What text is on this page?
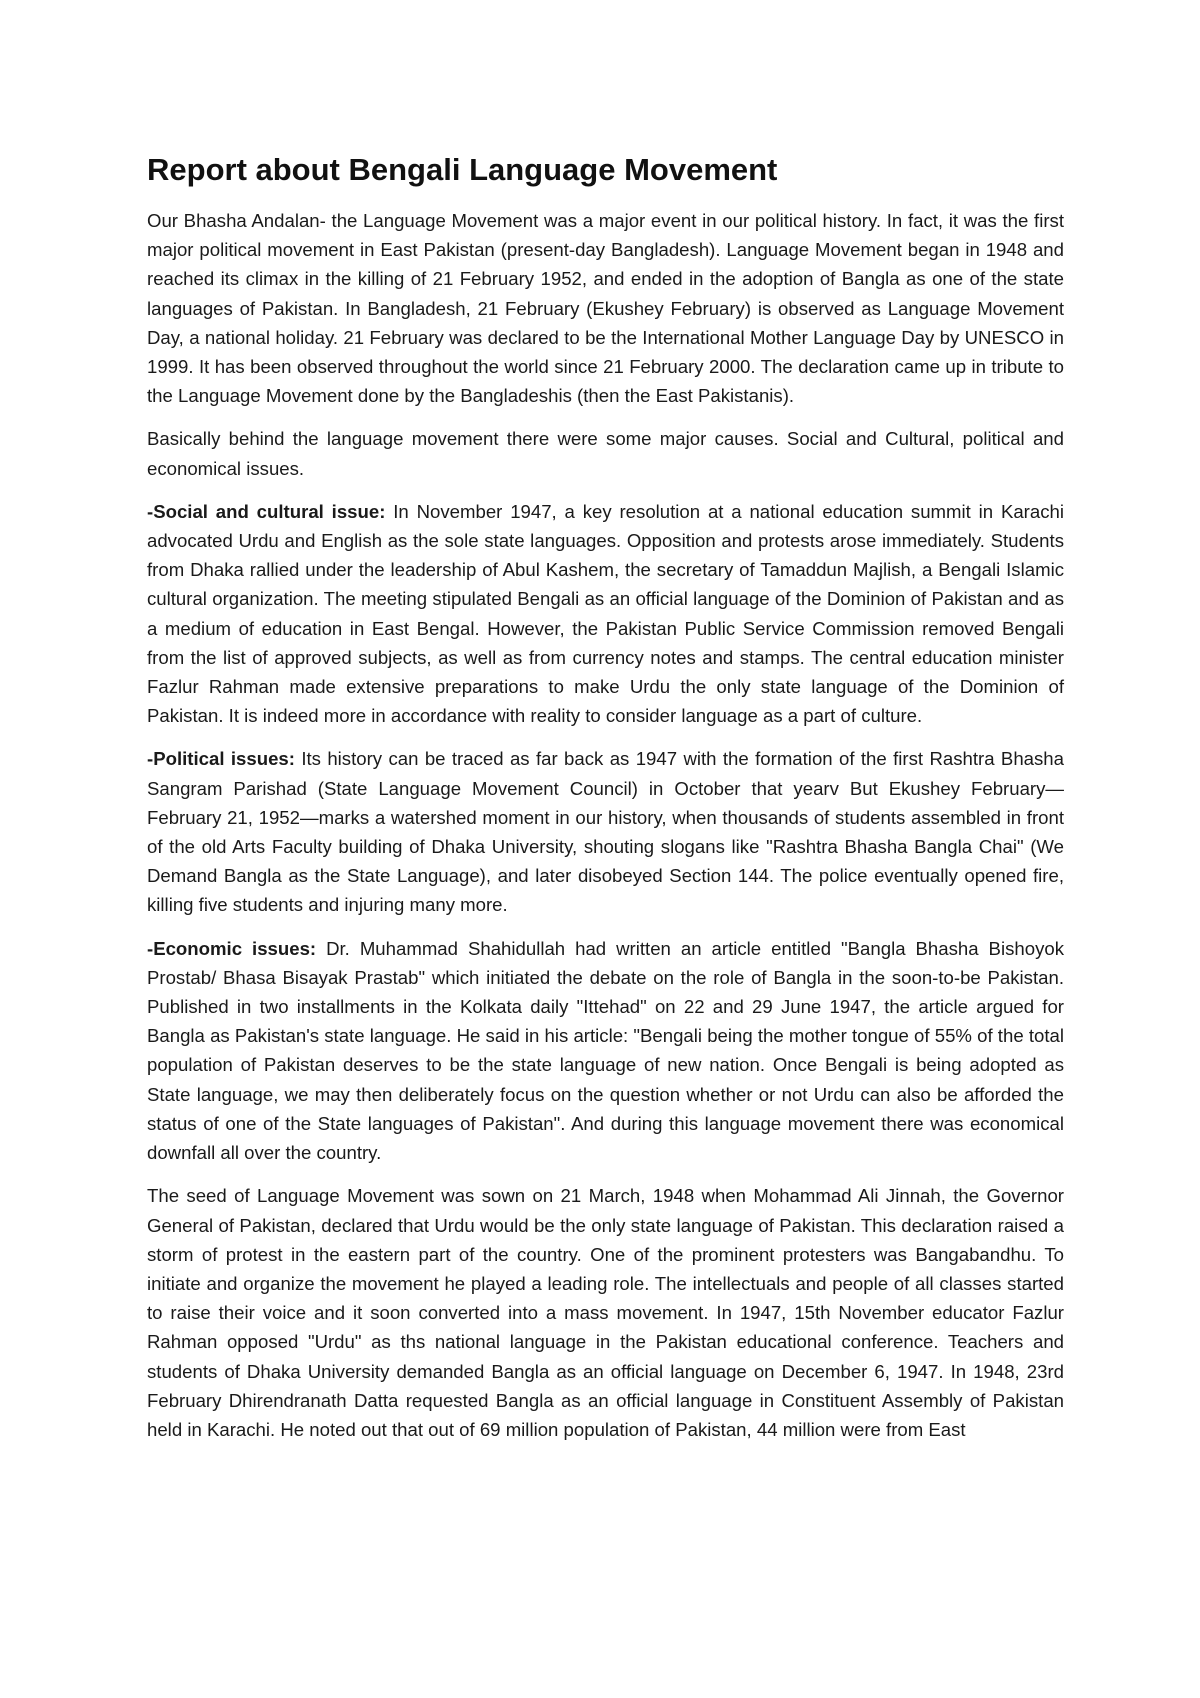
Report about Bengali Language Movement

Our Bhasha Andalan- the Language Movement was a major event in our political history. In fact, it was the first major political movement in East Pakistan (present-day Bangladesh). Language Movement began in 1948 and reached its climax in the killing of 21 February 1952, and ended in the adoption of Bangla as one of the state languages of Pakistan. In Bangladesh, 21 February (Ekushey February) is observed as Language Movement Day, a national holiday. 21 February was declared to be the International Mother Language Day by UNESCO in 1999. It has been observed throughout the world since 21 February 2000. The declaration came up in tribute to the Language Movement done by the Bangladeshis (then the East Pakistanis).

Basically behind the language movement there were some major causes. Social and Cultural, political and economical issues.

-Social and cultural issue: In November 1947, a key resolution at a national education summit in Karachi advocated Urdu and English as the sole state languages. Opposition and protests arose immediately. Students from Dhaka rallied under the leadership of Abul Kashem, the secretary of Tamaddun Majlish, a Bengali Islamic cultural organization. The meeting stipulated Bengali as an official language of the Dominion of Pakistan and as a medium of education in East Bengal. However, the Pakistan Public Service Commission removed Bengali from the list of approved subjects, as well as from currency notes and stamps. The central education minister Fazlur Rahman made extensive preparations to make Urdu the only state language of the Dominion of Pakistan. It is indeed more in accordance with reality to consider language as a part of culture.

-Political issues: Its history can be traced as far back as 1947 with the formation of the first Rashtra Bhasha Sangram Parishad (State Language Movement Council) in October that yearv But Ekushey February—February 21, 1952—marks a watershed moment in our history, when thousands of students assembled in front of the old Arts Faculty building of Dhaka University, shouting slogans like "Rashtra Bhasha Bangla Chai" (We Demand Bangla as the State Language), and later disobeyed Section 144. The police eventually opened fire, killing five students and injuring many more.

-Economic issues: Dr. Muhammad Shahidullah had written an article entitled "Bangla Bhasha Bishoyok Prostab/ Bhasa Bisayak Prastab" which initiated the debate on the role of Bangla in the soon-to-be Pakistan. Published in two installments in the Kolkata daily "Ittehad" on 22 and 29 June 1947, the article argued for Bangla as Pakistan's state language. He said in his article: "Bengali being the mother tongue of 55% of the total population of Pakistan deserves to be the state language of new nation. Once Bengali is being adopted as State language, we may then deliberately focus on the question whether or not Urdu can also be afforded the status of one of the State languages of Pakistan". And during this language movement there was economical downfall all over the country.

The seed of Language Movement was sown on 21 March, 1948 when Mohammad Ali Jinnah, the Governor General of Pakistan, declared that Urdu would be the only state language of Pakistan. This declaration raised a storm of protest in the eastern part of the country. One of the prominent protesters was Bangabandhu. To initiate and organize the movement he played a leading role. The intellectuals and people of all classes started to raise their voice and it soon converted into a mass movement. In 1947, 15th November educator Fazlur Rahman opposed "Urdu" as ths national language in the Pakistan educational conference. Teachers and students of Dhaka University demanded Bangla as an official language on December 6, 1947. In 1948, 23rd February Dhirendranath Datta requested Bangla as an official language in Constituent Assembly of Pakistan held in Karachi. He noted out that out of 69 million population of Pakistan, 44 million were from East
